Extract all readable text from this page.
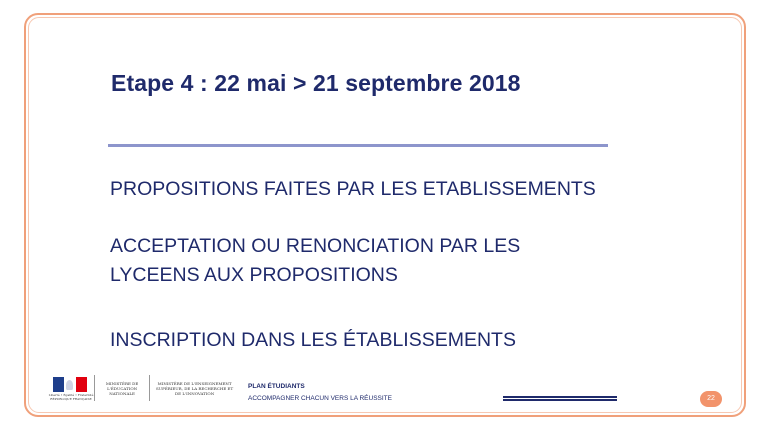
Etape 4 : 22 mai > 21 septembre 2018
PROPOSITIONS FAITES PAR LES ETABLISSEMENTS
ACCEPTATION OU RENONCIATION PAR LES
LYCEENS AUX PROPOSITIONS
INSCRIPTION DANS LES ÉTABLISSEMENTS
Liberté • Égalité • Fraternité RÉPUBLIQUE FRANÇAISE
MINISTÈRE DE L'ÉDUCATION NATIONALE
MINISTÈRE DE L'ENSEIGNEMENT SUPÉRIEUR, DE LA RECHERCHE ET DE L'INNOVATION
PLAN ÉTUDIANTS
ACCOMPAGNER CHACUN VERS LA RÉUSSITE	22
